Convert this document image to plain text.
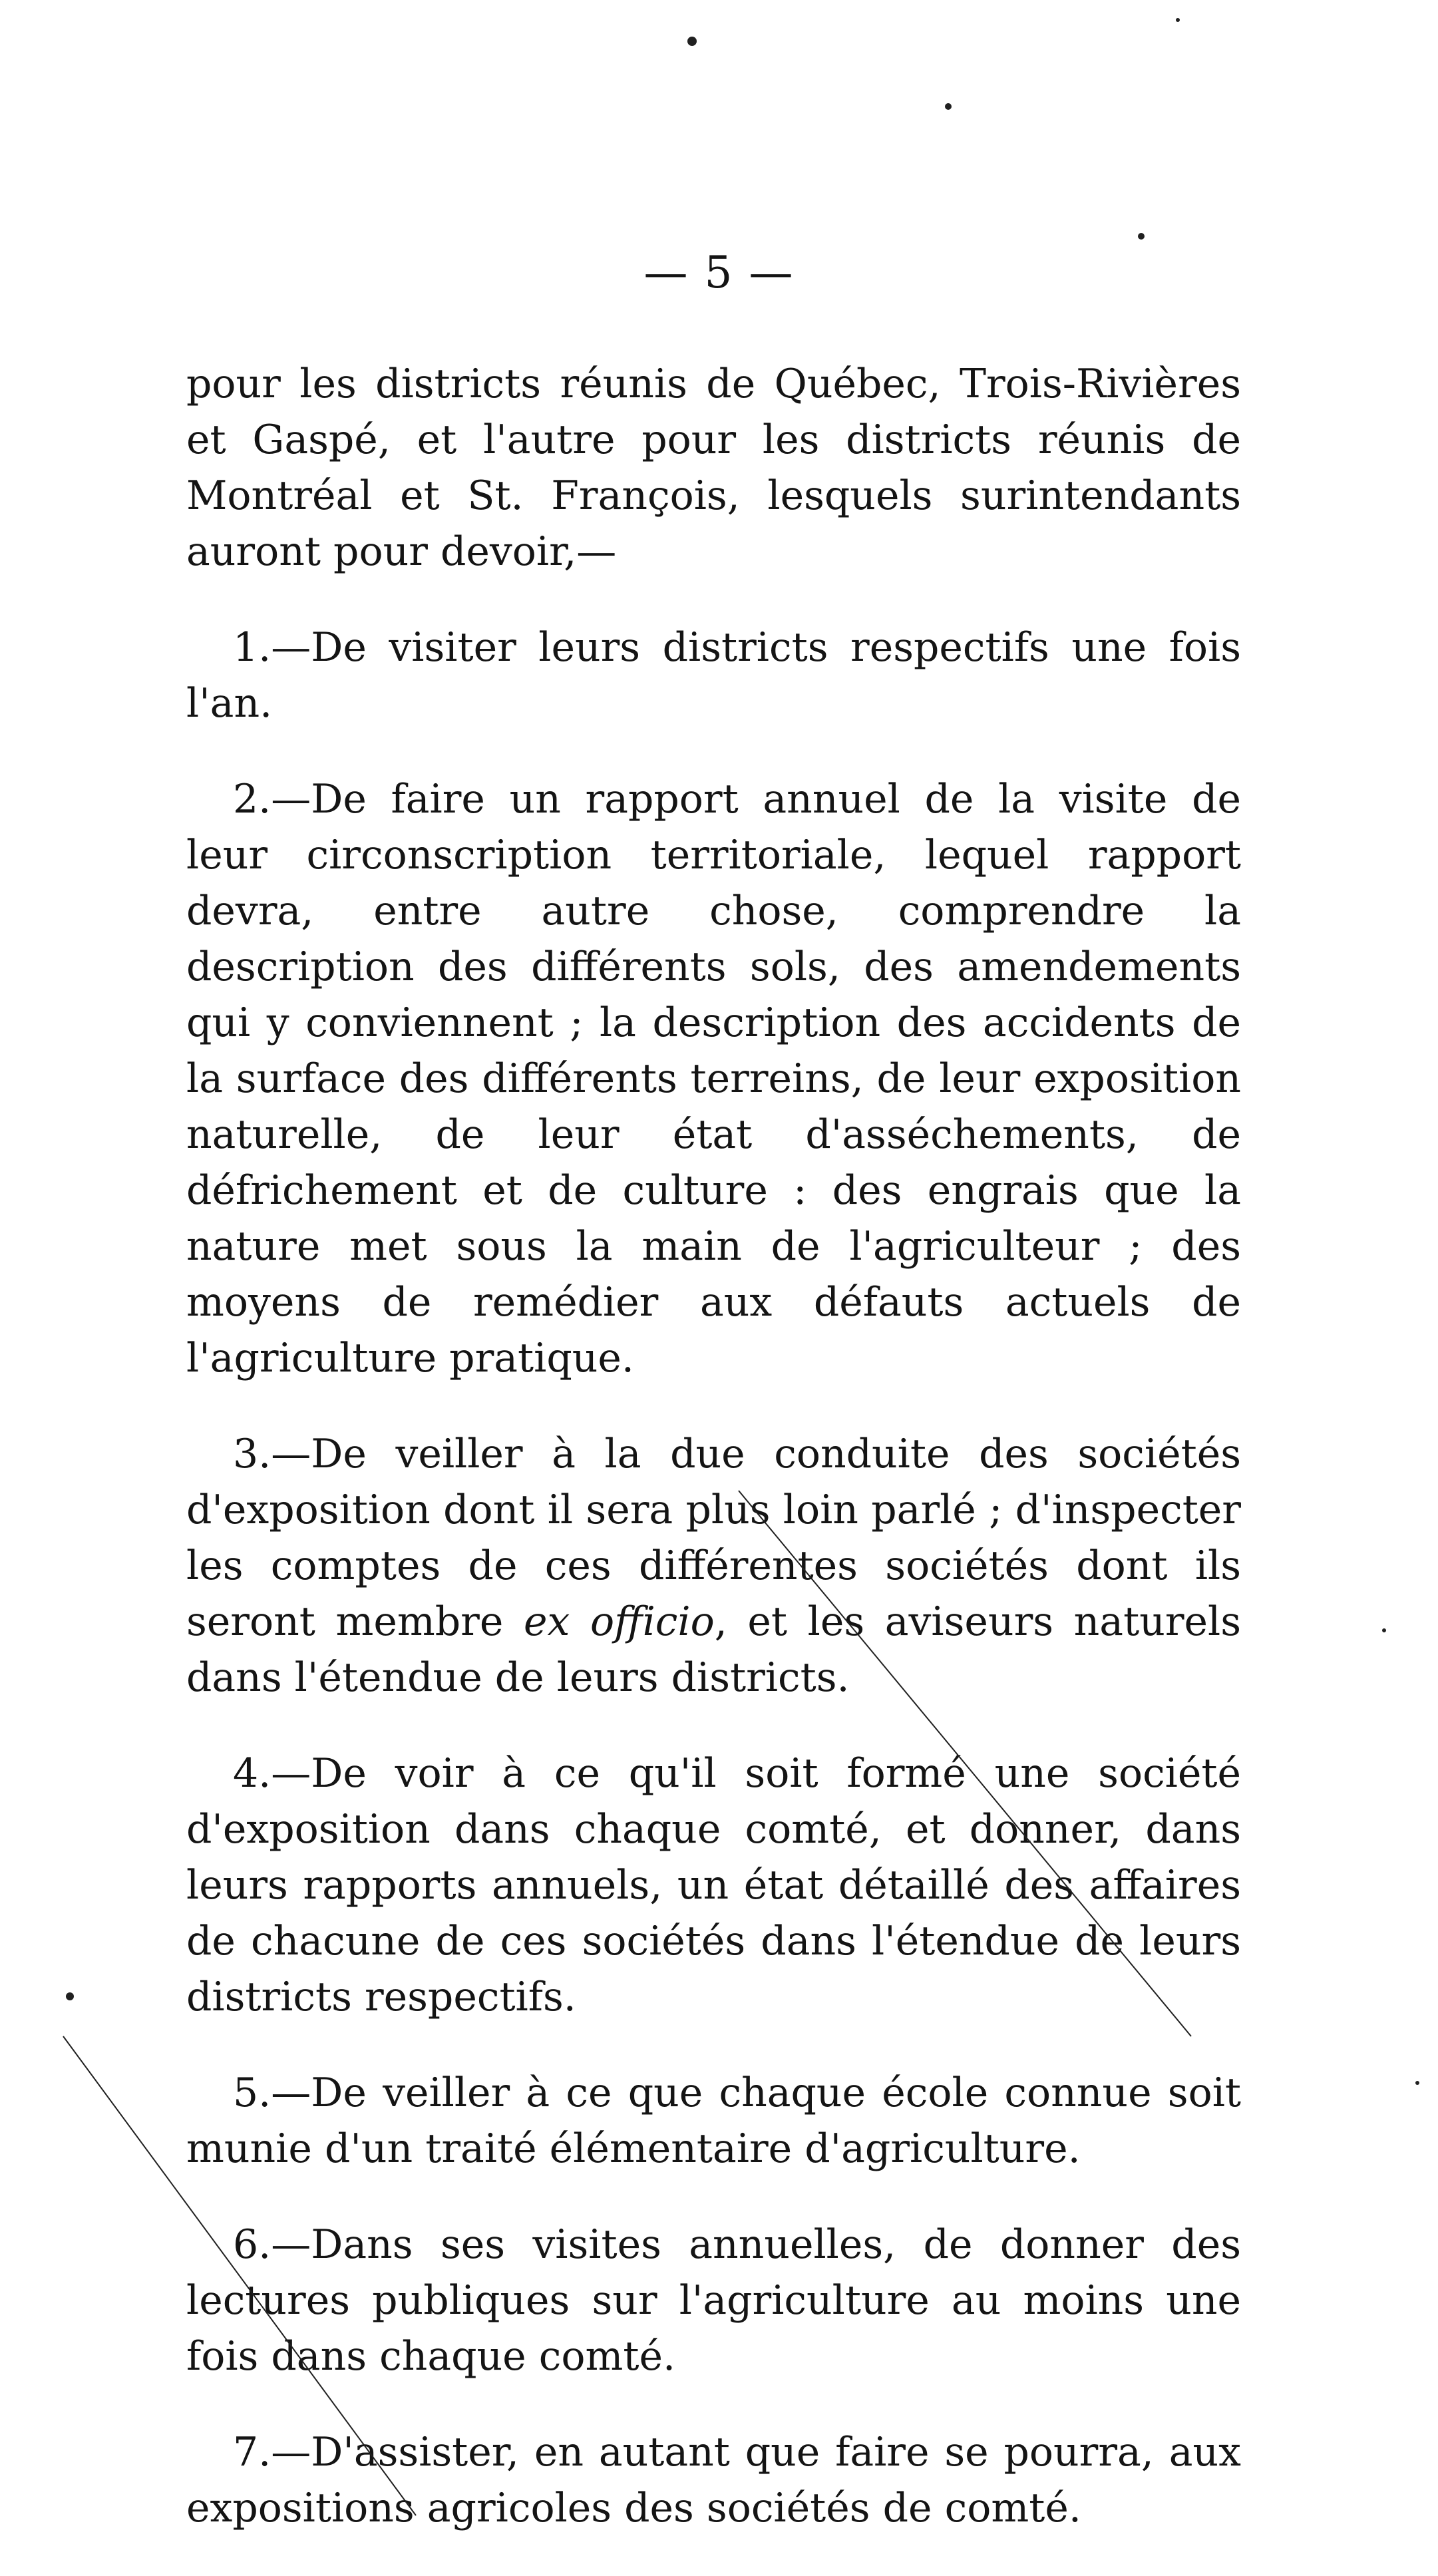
— 5 —

pour les districts réunis de Québec, Trois-Rivières et Gaspé, et l'autre pour les districts réunis de Montréal et St. François, lesquels surintendants auront pour devoir,—

1.—De visiter leurs districts respectifs une fois l'an.

2.—De faire un rapport annuel de la visite de leur circonscription territoriale, lequel rapport devra, entre autre chose, comprendre la description des différents sols, des amendements qui y conviennent ; la description des accidents de la surface des différents terreins, de leur exposition naturelle, de leur état d'asséchements, de défrichement et de culture : des engrais que la nature met sous la main de l'agriculteur ; des moyens de remédier aux défauts actuels de l'agriculture pratique.

3.—De veiller à la due conduite des sociétés d'exposition dont il sera plus loin parlé ; d'inspecter les comptes de ces différentes sociétés dont ils seront membre ex officio, et les aviseurs naturels dans l'étendue de leurs districts.

4.—De voir à ce qu'il soit formé une société d'exposition dans chaque comté, et donner, dans leurs rapports annuels, un état détaillé des affaires de chacune de ces sociétés dans l'étendue de leurs districts respectifs.

5.—De veiller à ce que chaque école connue soit munie d'un traité élémentaire d'agriculture.

6.—Dans ses visites annuelles, de donner des lectures publiques sur l'agriculture au moins une fois dans chaque comté.

7.—D'assister, en autant que faire se pourra, aux expositions agricoles des sociétés de comté.
